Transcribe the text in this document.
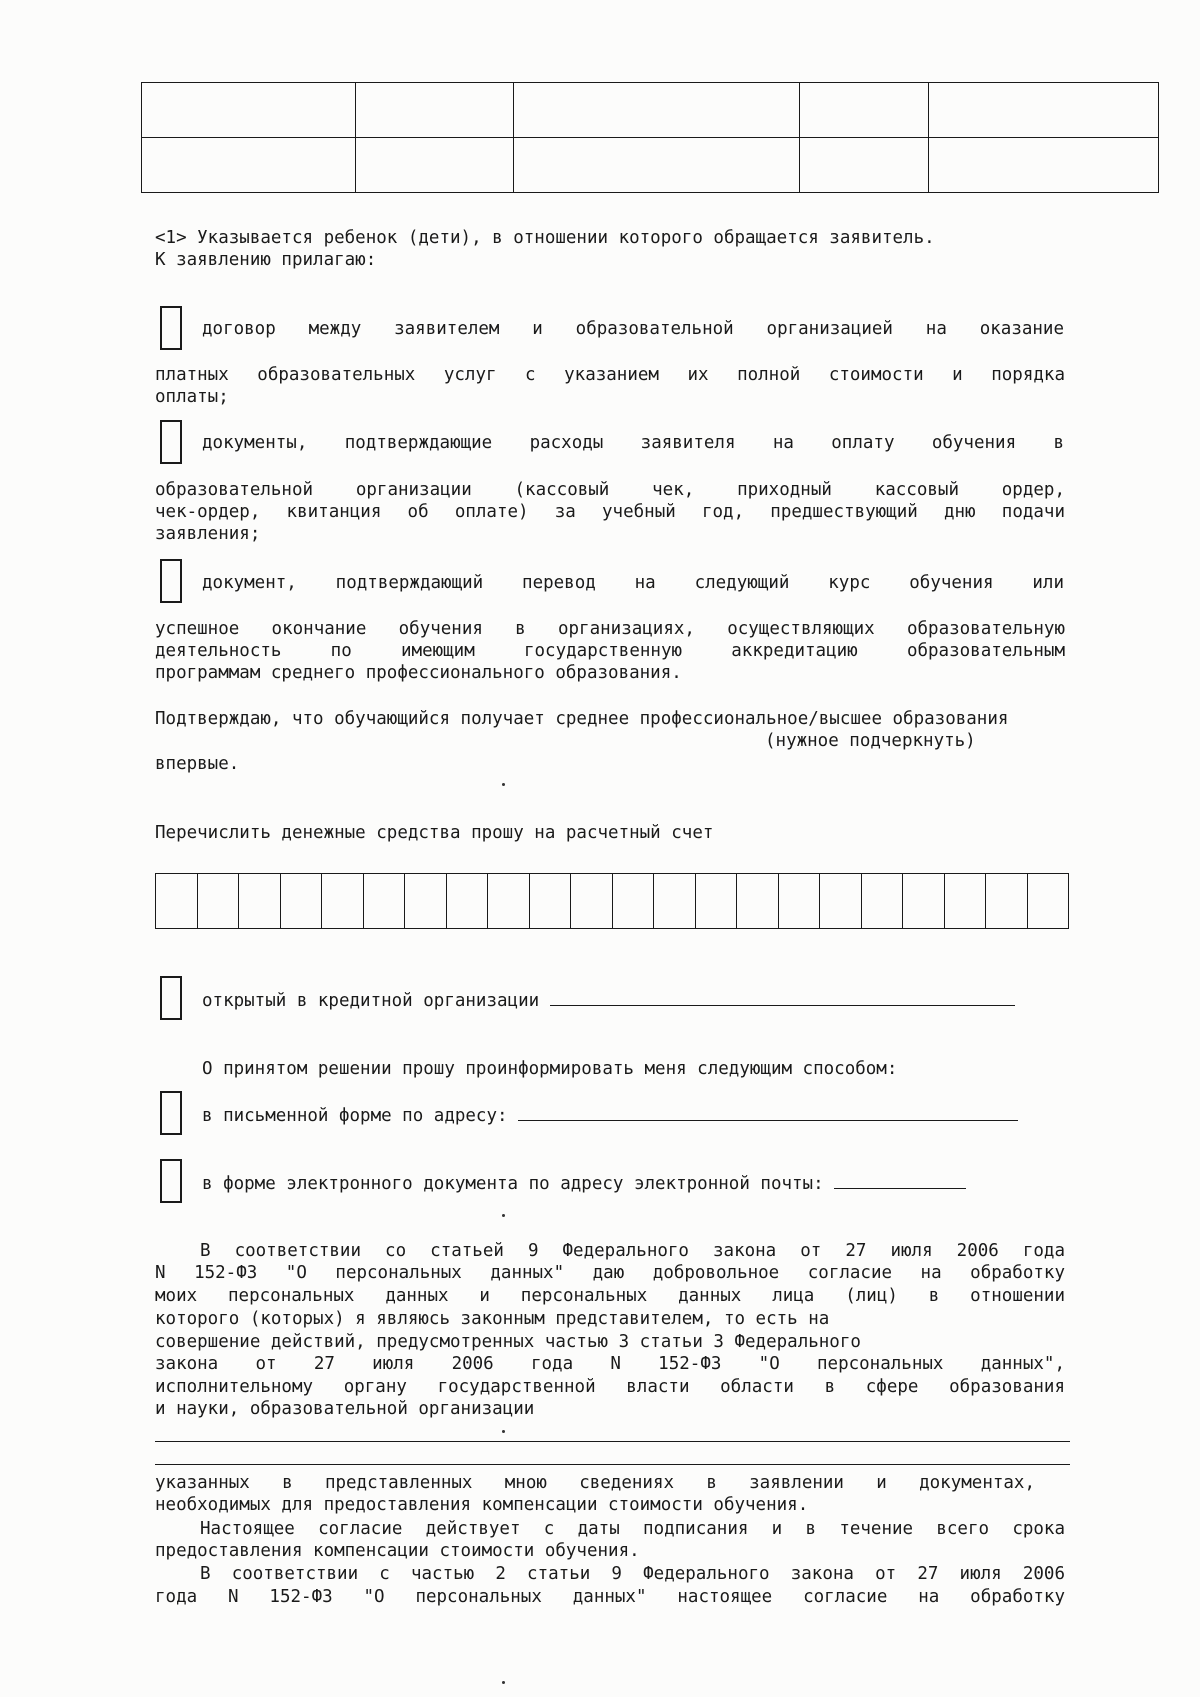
<1> Указывается ребенок (дети), в отношении которого обращается заявитель.
К заявлению прилагаю:
договор между заявителем и образовательной организацией на оказание
платных образовательных услуг с указанием их полной стоимости и порядка
оплаты;
документы, подтверждающие расходы заявителя на оплату обучения в
образовательной организации (кассовый чек, приходный кассовый ордер,
чек-ордер, квитанция об оплате) за учебный год, предшествующий дню подачи
заявления;
документ, подтверждающий перевод на следующий курс обучения или
успешное окончание обучения в организациях, осуществляющих образовательную
деятельность по имеющим государственную аккредитацию образовательным
программам среднего профессионального образования.
Подтверждаю, что обучающийся получает среднее профессиональное/высшее образования
(нужное подчеркнуть)
впервые.
Перечислить денежные средства прошу на расчетный счет
открытый в кредитной организации
О принятом решении прошу проинформировать меня следующим способом:
в письменной форме по адресу:
в форме электронного документа по адресу электронной почты:
В соответствии со статьей 9 Федерального закона от 27 июля 2006 года
N 152-ФЗ "О персональных данных" даю добровольное согласие на обработку
моих персональных данных и персональных данных лица (лиц) в отношении
которого (которых) я являюсь законным представителем, то есть на
совершение действий, предусмотренных частью 3 статьи 3 Федерального
закона от 27 июля 2006 года N 152-ФЗ "О персональных данных",
исполнительному органу государственной власти области в сфере образования
и науки, образовательной организации
указанных в представленных мною сведениях в заявлении и документах,
необходимых для предоставления компенсации стоимости обучения.
Настоящее согласие действует с даты подписания и в течение всего срока
предоставления компенсации стоимости обучения.
В соответствии с частью 2 статьи 9 Федерального закона от 27 июля 2006
года N 152-ФЗ "О персональных данных" настоящее согласие на обработку
